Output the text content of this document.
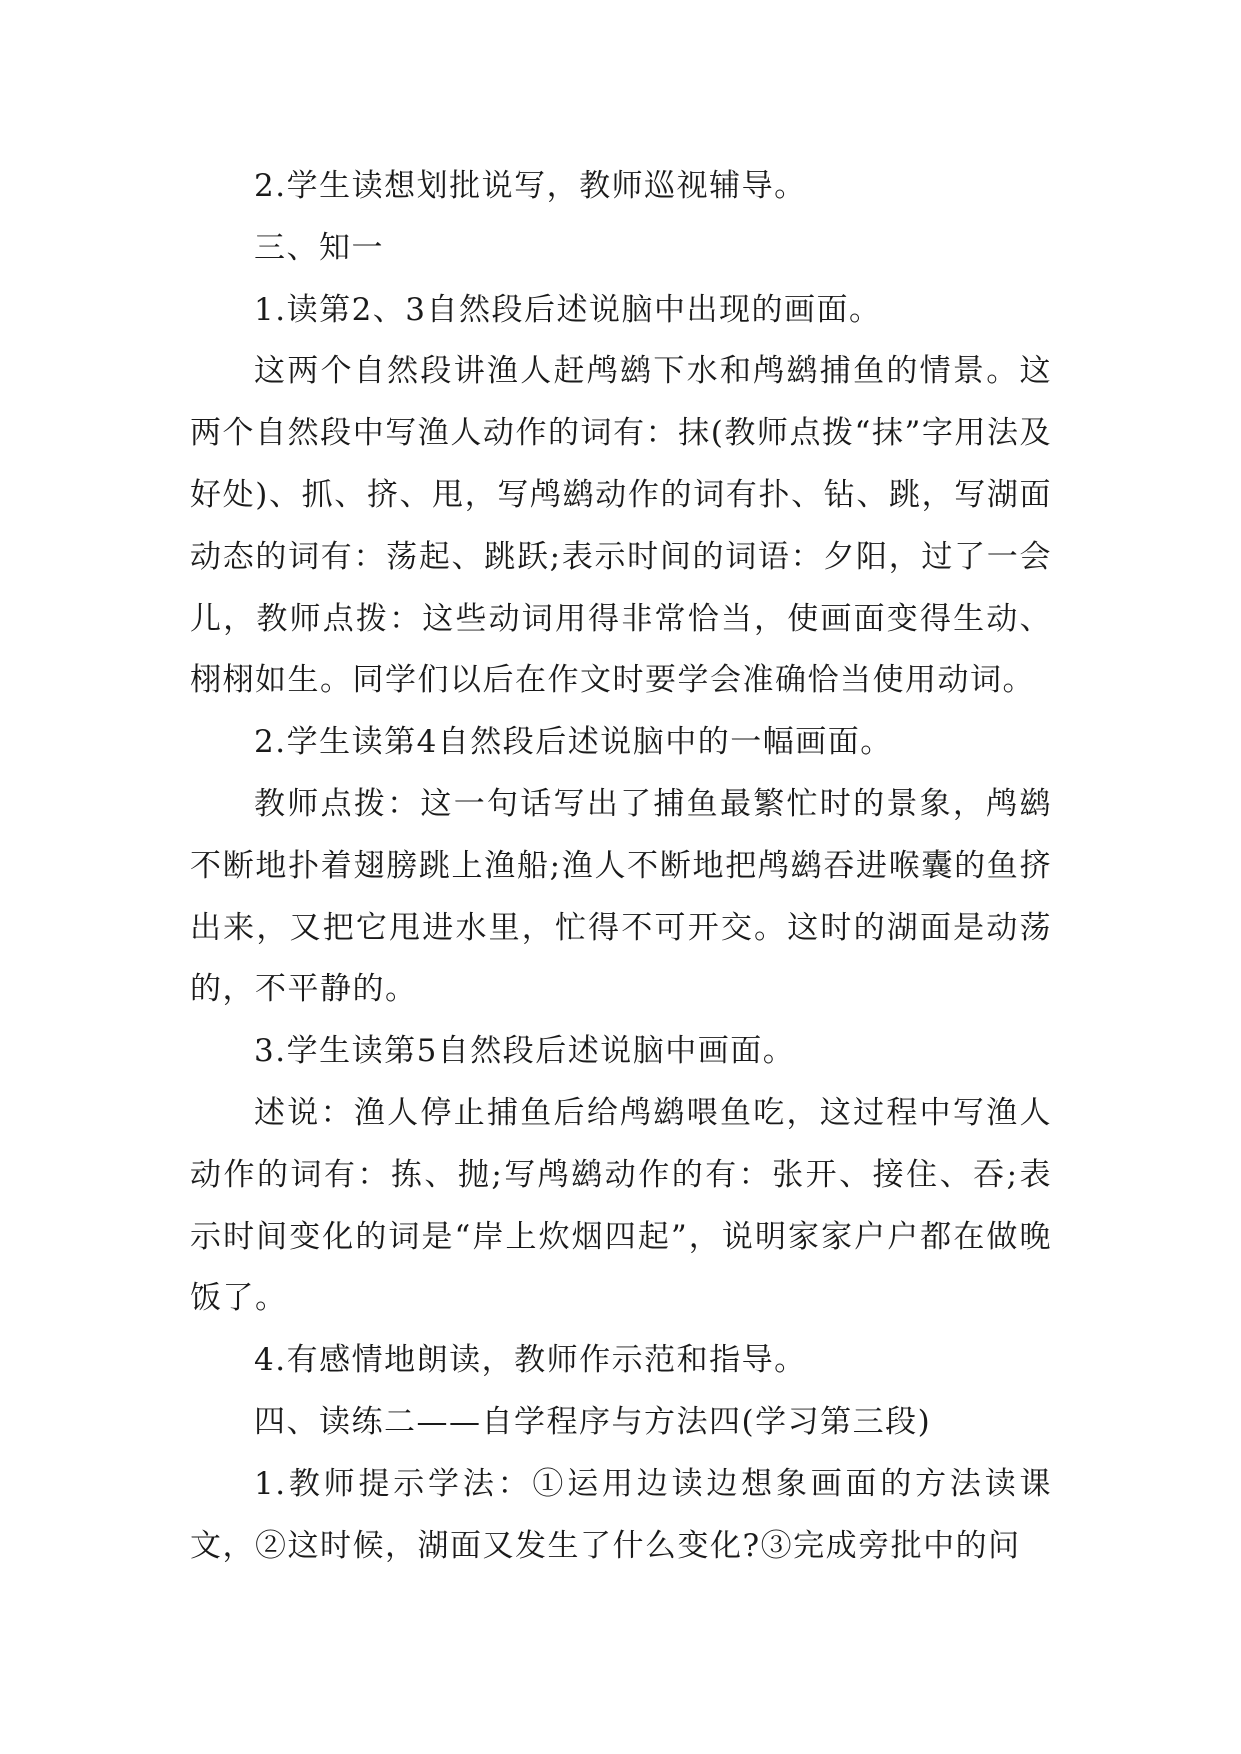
2.学生读想划批说写，教师巡视辅导。

三、知一

1.读第2、3自然段后述说脑中出现的画面。

这两个自然段讲渔人赶鸬鹚下水和鸬鹚捕鱼的情景。这两个自然段中写渔人动作的词有：抹(教师点拨“抹”字用法及好处)、抓、挤、甩，写鸬鹚动作的词有扑、钻、跳，写湖面动态的词有：荡起、跳跃;表示时间的词语：夕阳，过了一会儿，教师点拨：这些动词用得非常恰当，使画面变得生动、栩栩如生。同学们以后在作文时要学会准确恰当使用动词。

2.学生读第4自然段后述说脑中的一幅画面。

教师点拨：这一句话写出了捕鱼最繁忙时的景象，鸬鹚不断地扑着翅膀跳上渔船;渔人不断地把鸬鹚吞进喉囊的鱼挤出来，又把它甩进水里，忙得不可开交。这时的湖面是动荡的，不平静的。

3.学生读第5自然段后述说脑中画面。

述说：渔人停止捕鱼后给鸬鹚喂鱼吃，这过程中写渔人动作的词有：拣、抛;写鸬鹚动作的有：张开、接住、吞;表示时间变化的词是“岸上炊烟四起”，说明家家户户都在做晚饭了。

4.有感情地朗读，教师作示范和指导。

四、读练二——自学程序与方法四(学习第三段)

1.教师提示学法：①运用边读边想象画面的方法读课文，②这时候，湖面又发生了什么变化?③完成旁批中的问
